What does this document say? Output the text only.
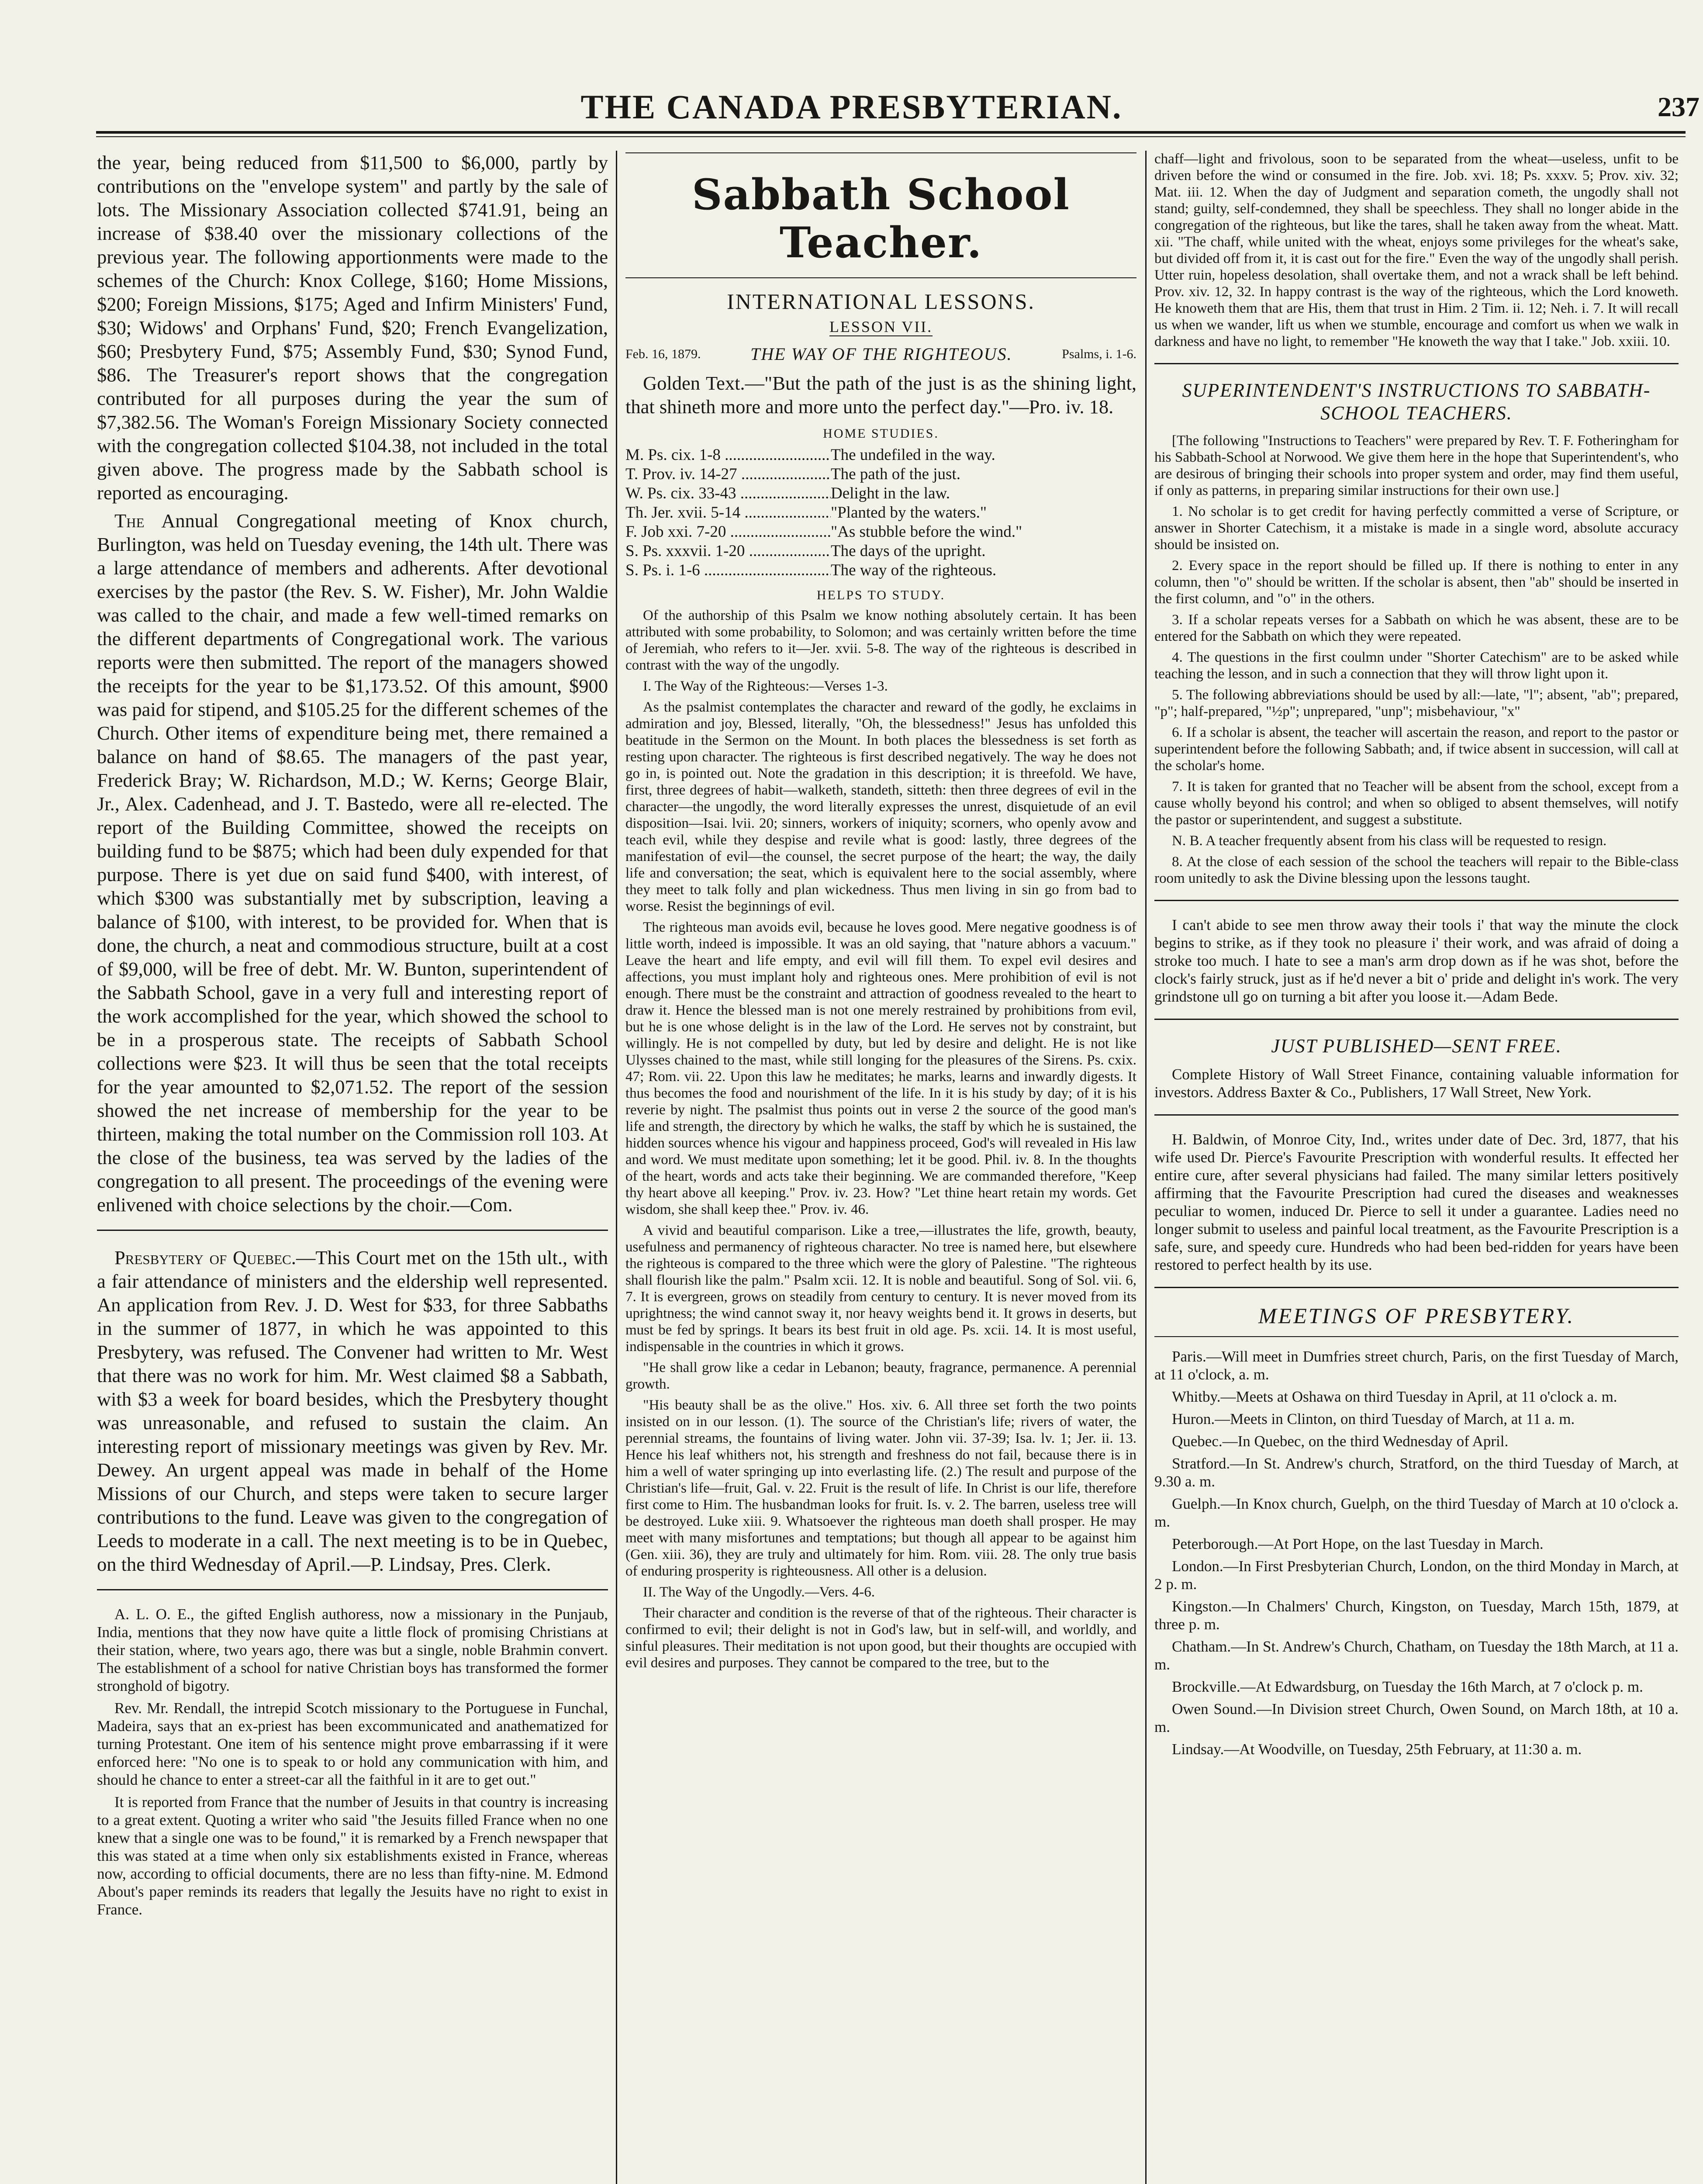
THE CANADA PRESBYTERIAN.	237

the year, being reduced from $11,500 to $6,000, partly by contributions on the "envelope system" and partly by the sale of lots. The Missionary Association collected $741.91, being an increase of $38.40 over the missionary collections of the previous year. The following apportionments were made to the schemes of the Church: Knox College, $160; Home Missions, $200; Foreign Missions, $175; Aged and Infirm Ministers' Fund, $30; Widows' and Orphans' Fund, $20; French Evangelization, $60; Presbytery Fund, $75; Assembly Fund, $30; Synod Fund, $86. The Treasurer's report shows that the congregation contributed for all purposes during the year the sum of $7,382.56. The Woman's Foreign Missionary Society connected with the congregation collected $104.38, not included in the total given above. The progress made by the Sabbath school is reported as encouraging.

The Annual Congregational meeting of Knox church, Burlington, was held on Tuesday evening, the 14th ult. There was a large attendance of members and adherents. After devotional exercises by the pastor (the Rev. S. W. Fisher), Mr. John Waldie was called to the chair, and made a few well-timed remarks on the different departments of Congregational work. The various reports were then submitted. The report of the managers showed the receipts for the year to be $1,173.52. Of this amount, $900 was paid for stipend, and $105.25 for the different schemes of the Church. Other items of expenditure being met, there remained a balance on hand of $8.65. The managers of the past year, Frederick Bray; W. Richardson, M.D.; W. Kerns; George Blair, Jr., Alex. Cadenhead, and J. T. Bastedo, were all re-elected. The report of the Building Committee, showed the receipts on building fund to be $875; which had been duly expended for that purpose. There is yet due on said fund $400, with interest, of which $300 was substantially met by subscription, leaving a balance of $100, with interest, to be provided for. When that is done, the church, a neat and commodious structure, built at a cost of $9,000, will be free of debt. Mr. W. Bunton, superintendent of the Sabbath School, gave in a very full and interesting report of the work accomplished for the year, which showed the school to be in a prosperous state. The receipts of Sabbath School collections were $23. It will thus be seen that the total receipts for the year amounted to $2,071.52. The report of the session showed the net increase of membership for the year to be thirteen, making the total number on the Commission roll 103. At the close of the business, tea was served by the ladies of the congregation to all present. The proceedings of the evening were enlivened with choice selections by the choir.—Com.

Presbytery of Quebec.—This Court met on the 15th ult., with a fair attendance of ministers and the eldership well represented. An application from Rev. J. D. West for $33, for three Sabbaths in the summer of 1877, in which he was appointed to this Presbytery, was refused. The Convener had written to Mr. West that there was no work for him. Mr. West claimed $8 a Sabbath, with $3 a week for board besides, which the Presbytery thought was unreasonable, and refused to sustain the claim. An interesting report of missionary meetings was given by Rev. Mr. Dewey. An urgent appeal was made in behalf of the Home Missions of our Church, and steps were taken to secure larger contributions to the fund. Leave was given to the congregation of Leeds to moderate in a call. The next meeting is to be in Quebec, on the third Wednesday of April.—P. Lindsay, Pres. Clerk.

A. L. O. E., the gifted English authoress, now a missionary in the Punjaub, India, mentions that they now have quite a little flock of promising Christians at their station, where, two years ago, there was but a single, noble Brahmin convert. The establishment of a school for native Christian boys has transformed the former stronghold of bigotry.

Rev. Mr. Rendall, the intrepid Scotch missionary to the Portuguese in Funchal, Madeira, says that an ex-priest has been excommunicated and anathematized for turning Protestant. One item of his sentence might prove embarrassing if it were enforced here: "No one is to speak to or hold any communication with him, and should he chance to enter a street-car all the faithful in it are to get out."

It is reported from France that the number of Jesuits in that country is increasing to a great extent. Quoting a writer who said "the Jesuits filled France when no one knew that a single one was to be found," it is remarked by a French newspaper that this was stated at a time when only six establishments existed in France, whereas now, according to official documents, there are no less than fifty-nine. M. Edmond About's paper reminds its readers that legally the Jesuits have no right to exist in France.

Sabbath School Teacher.
INTERNATIONAL LESSONS.
LESSON VII.
Feb. 16, 1879.	THE WAY OF THE RIGHTEOUS.	Psalms, i. 1-6.

Golden Text.—"But the path of the just is as the shining light, that shineth more and more unto the perfect day."—Pro. iv. 18.

HOME STUDIES.
M. Ps. cix. 1-8 .....	The undefiled in the way.
T. Prov. iv. 14-27 .....	The path of the just.
W. Ps. cix. 33-43 .....	Delight in the law.
Th. Jer. xvii. 5-14 .....	"Planted by the waters."
F. Job xxi. 7-20 .....	"As stubble before the wind."
S. Ps. xxxvii. 1-20 .....	The days of the upright.
S. Ps. i. 1-6 .....	The way of the righteous.
HELPS TO STUDY.

Of the authorship of this Psalm we know nothing absolutely certain. It has been attributed with some probability, to Solomon; and was certainly written before the time of Jeremiah, who refers to it—Jer. xvii. 5-8. The way of the righteous is described in contrast with the way of the ungodly.

I. The Way of the Righteous:—Verses 1-3.

As the psalmist contemplates the character and reward of the godly, he exclaims in admiration and joy, Blessed, literally, "Oh, the blessedness!" Jesus has unfolded this beatitude in the Sermon on the Mount. In both places the blessedness is set forth as resting upon character. The righteous is first described negatively. The way he does not go in, is pointed out. Note the gradation in this description; it is threefold. We have, first, three degrees of habit—walketh, standeth, sitteth: then three degrees of evil in the character—the ungodly, the word literally expresses the unrest, disquietude of an evil disposition—Isai. lvii. 20; sinners, workers of iniquity; scorners, who openly avow and teach evil, while they despise and revile what is good: lastly, three degrees of the manifestation of evil—the counsel, the secret purpose of the heart; the way, the daily life and conversation; the seat, which is equivalent here to the social assembly, where they meet to talk folly and plan wickedness. Thus men living in sin go from bad to worse. Resist the beginnings of evil.

The righteous man avoids evil, because he loves good. Mere negative goodness is of little worth, indeed is impossible. It was an old saying, that "nature abhors a vacuum." Leave the heart and life empty, and evil will fill them. To expel evil desires and affections, you must implant holy and righteous ones. Mere prohibition of evil is not enough. There must be the constraint and attraction of goodness revealed to the heart to draw it. Hence the blessed man is not one merely restrained by prohibitions from evil, but he is one whose delight is in the law of the Lord. He serves not by constraint, but willingly. He is not compelled by duty, but led by desire and delight. He is not like Ulysses chained to the mast, while still longing for the pleasures of the Sirens. Ps. cxix. 47; Rom. vii. 22. Upon this law he meditates; he marks, learns and inwardly digests. It thus becomes the food and nourishment of the life. In it is his study by day; of it is his reverie by night. The psalmist thus points out in verse 2 the source of the good man's life and strength, the directory by which he walks, the staff by which he is sustained, the hidden sources whence his vigour and happiness proceed, God's will revealed in His law and word. We must meditate upon something; let it be good. Phil. iv. 8. In the thoughts of the heart, words and acts take their beginning. We are commanded therefore, "Keep thy heart above all keeping." Prov. iv. 23. How? "Let thine heart retain my words. Get wisdom, she shall keep thee." Prov. iv. 46.

A vivid and beautiful comparison. Like a tree,—illustrates the life, growth, beauty, usefulness and permanency of righteous character. No tree is named here, but elsewhere the righteous is compared to the three which were the glory of Palestine. "The righteous shall flourish like the palm." Psalm xcii. 12. It is noble and beautiful. Song of Sol. vii. 6, 7. It is evergreen, grows on steadily from century to century. It is never moved from its uprightness; the wind cannot sway it, nor heavy weights bend it. It grows in deserts, but must be fed by springs. It bears its best fruit in old age. Ps. xcii. 14. It is most useful, indispensable in the countries in which it grows.

"He shall grow like a cedar in Lebanon; beauty, fragrance, permanence. A perennial growth.

"His beauty shall be as the olive." Hos. xiv. 6. All three set forth the two points insisted on in our lesson. (1). The source of the Christian's life; rivers of water, the perennial streams, the fountains of living water. John vii. 37-39; Isa. lv. 1; Jer. ii. 13. Hence his leaf whithers not, his strength and freshness do not fail, because there is in him a well of water springing up into everlasting life. (2.) The result and purpose of the Christian's life—fruit, Gal. v. 22. Fruit is the result of life. In Christ is our life, therefore first come to Him. The husbandman looks for fruit. Is. v. 2. The barren, useless tree will be destroyed. Luke xiii. 9. Whatsoever the righteous man doeth shall prosper. He may meet with many misfortunes and temptations; but though all appear to be against him (Gen. xiii. 36), they are truly and ultimately for him. Rom. viii. 28. The only true basis of enduring prosperity is righteousness. All other is a delusion.

II. The Way of the Ungodly.—Vers. 4-6.

Their character and condition is the reverse of that of the righteous. Their character is confirmed to evil; their delight is not in God's law, but in self-will, and worldly, and sinful pleasures. Their meditation is not upon good, but their thoughts are occupied with evil desires and purposes. They cannot be compared to the tree, but to the

chaff—light and frivolous, soon to be separated from the wheat—useless, unfit to be driven before the wind or consumed in the fire. Job. xvi. 18; Ps. xxxv. 5; Prov. xiv. 32; Mat. iii. 12. When the day of Judgment and separation cometh, the ungodly shall not stand; guilty, self-condemned, they shall be speechless. They shall no longer abide in the congregation of the righteous, but like the tares, shall he taken away from the wheat. Matt. xii. "The chaff, while united with the wheat, enjoys some privileges for the wheat's sake, but divided off from it, it is cast out for the fire." Even the way of the ungodly shall perish. Utter ruin, hopeless desolation, shall overtake them, and not a wrack shall be left behind. Prov. xiv. 12, 32. In happy contrast is the way of the righteous, which the Lord knoweth. He knoweth them that are His, them that trust in Him. 2 Tim. ii. 12; Neh. i. 7. It will recall us when we wander, lift us when we stumble, encourage and comfort us when we walk in darkness and have no light, to remember "He knoweth the way that I take." Job. xxiii. 10.

SUPERINTENDENT'S INSTRUCTIONS TO SABBATH-SCHOOL TEACHERS.

[The following "Instructions to Teachers" were prepared by Rev. T. F. Fotheringham for his Sabbath-School at Norwood. We give them here in the hope that Superintendent's, who are desirous of bringing their schools into proper system and order, may find them useful, if only as patterns, in preparing similar instructions for their own use.]

1. No scholar is to get credit for having perfectly committed a verse of Scripture, or answer in Shorter Catechism, it a mistake is made in a single word, absolute accuracy should be insisted on.

2. Every space in the report should be filled up. If there is nothing to enter in any column, then "o" should be written. If the scholar is absent, then "ab" should be inserted in the first column, and "o" in the others.

3. If a scholar repeats verses for a Sabbath on which he was absent, these are to be entered for the Sabbath on which they were repeated.

4. The questions in the first coulmn under "Shorter Catechism" are to be asked while teaching the lesson, and in such a connection that they will throw light upon it.

5. The following abbreviations should be used by all:—late, "l"; absent, "ab"; prepared, "p"; half-prepared, "½p"; unprepared, "unp"; misbehaviour, "x"

6. If a scholar is absent, the teacher will ascertain the reason, and report to the pastor or superintendent before the following Sabbath; and, if twice absent in succession, will call at the scholar's home.

7. It is taken for granted that no Teacher will be absent from the school, except from a cause wholly beyond his control; and when so obliged to absent themselves, will notify the pastor or superintendent, and suggest a substitute.

N. B. A teacher frequently absent from his class will be requested to resign.

8. At the close of each session of the school the teachers will repair to the Bible-class room unitedly to ask the Divine blessing upon the lessons taught.

I can't abide to see men throw away their tools i' that way the minute the clock begins to strike, as if they took no pleasure i' their work, and was afraid of doing a stroke too much. I hate to see a man's arm drop down as if he was shot, before the clock's fairly struck, just as if he'd never a bit o' pride and delight in's work. The very grindstone ull go on turning a bit after you loose it.—Adam Bede.

JUST PUBLISHED—SENT FREE.

Complete History of Wall Street Finance, containing valuable information for investors. Address Baxter & Co., Publishers, 17 Wall Street, New York.

H. Baldwin, of Monroe City, Ind., writes under date of Dec. 3rd, 1877, that his wife used Dr. Pierce's Favourite Prescription with wonderful results. It effected her entire cure, after several physicians had failed. The many similar letters positively affirming that the Favourite Prescription had cured the diseases and weaknesses peculiar to women, induced Dr. Pierce to sell it under a guarantee. Ladies need no longer submit to useless and painful local treatment, as the Favourite Prescription is a safe, sure, and speedy cure. Hundreds who had been bed-ridden for years have been restored to perfect health by its use.

MEETINGS OF PRESBYTERY.

Paris.—Will meet in Dumfries street church, Paris, on the first Tuesday of March, at 11 o'clock, a. m.

Whitby.—Meets at Oshawa on third Tuesday in April, at 11 o'clock a. m.

Huron.—Meets in Clinton, on third Tuesday of March, at 11 a. m.

Quebec.—In Quebec, on the third Wednesday of April.

Stratford.—In St. Andrew's church, Stratford, on the third Tuesday of March, at 9.30 a. m.

Guelph.—In Knox church, Guelph, on the third Tuesday of March at 10 o'clock a. m.

Peterborough.—At Port Hope, on the last Tuesday in March.

London.—In First Presbyterian Church, London, on the third Monday in March, at 2 p. m.

Kingston.—In Chalmers' Church, Kingston, on Tuesday, March 15th, 1879, at three p. m.

Chatham.—In St. Andrew's Church, Chatham, on Tuesday the 18th March, at 11 a. m.

Brockville.—At Edwardsburg, on Tuesday the 16th March, at 7 o'clock p. m.

Owen Sound.—In Division street Church, Owen Sound, on March 18th, at 10 a. m.

Lindsay.—At Woodville, on Tuesday, 25th February, at 11:30 a. m.
